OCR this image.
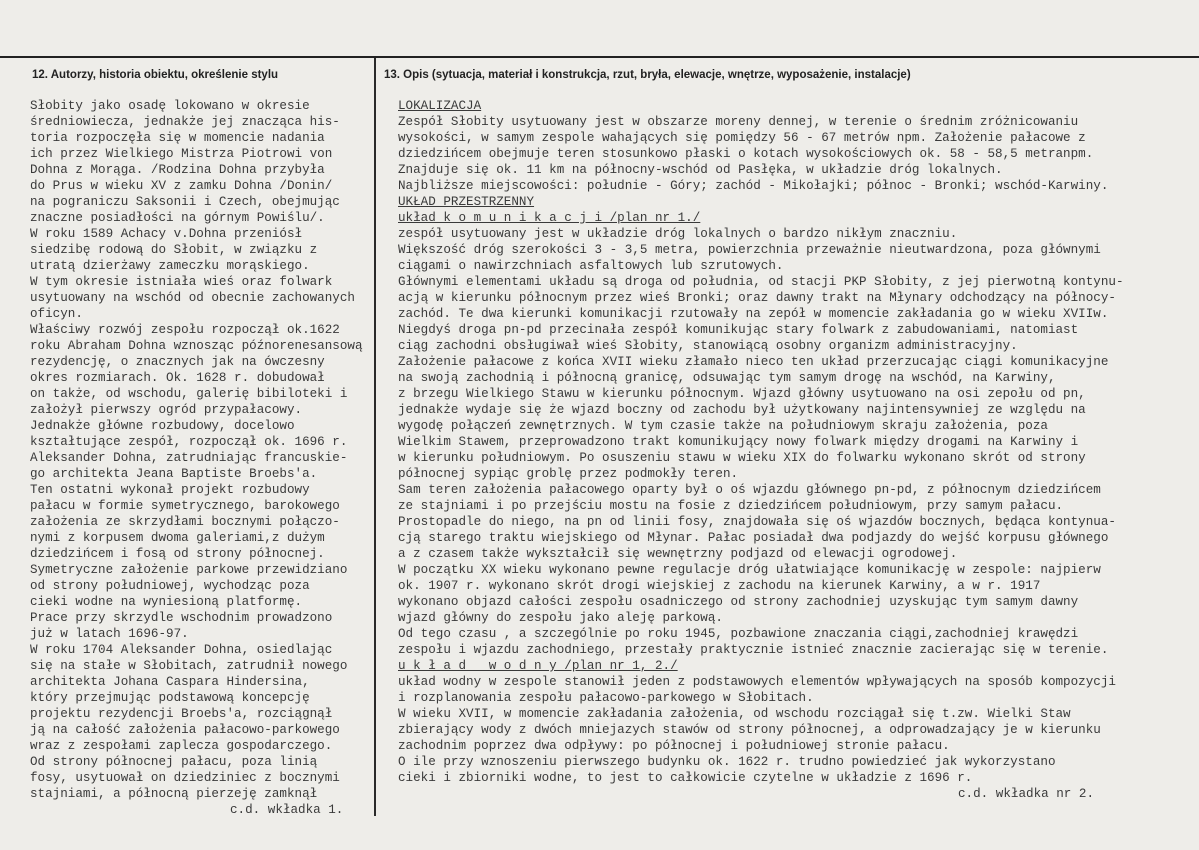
12. Autorzy, historia obiektu, określenie stylu	13. Opis (sytuacja, materiał i konstrukcja, rzut, bryła, elewacje, wnętrze, wyposażenie, instalacje)
Słobity jako osadę lokowano w okresie
średniowiecza, jednakże jej znacząca his-
toria rozpoczęła się w momencie nadania
ich przez Wielkiego Mistrza Piotrowi von
Dohna z Morąga. /Rodzina Dohna przybyła
do Prus w wieku XV z zamku Dohna /Donin/
na pograniczu Saksonii i Czech, obejmując
znaczne posiadłości na górnym Powiślu/.
W roku 1589 Achacy v.Dohna przeniósł
siedzibę rodową do Słobit, w związku z
utratą dzierżawy zameczku morąskiego.
W tym okresie istniała wieś oraz folwark
usytuowany na wschód od obecnie zachowanych
oficyn.
Właściwy rozwój zespołu rozpoczął ok.1622
roku Abraham Dohna wznosząc późnorenesansową
rezydencję, o znacznych jak na ówczesny
okres rozmiarach. Ok. 1628 r. dobudował
on także, od wschodu, galerię bibiloteki i
założył pierwszy ogród przypałacowy.
Jednakże główne rozbudowy, docelowo
kształtujące zespół, rozpoczął ok. 1696 r.
Aleksander Dohna, zatrudniając francuskie-
go architekta Jeana Baptiste Broebs'a.
Ten ostatni wykonał projekt rozbudowy
pałacu w formie symetrycznego, barokowego
założenia ze skrzydłami bocznymi połączo-
nymi z korpusem dwoma galeriami,z dużym
dziedzińcem i fosą od strony północnej.
Symetryczne założenie parkowe przewidziano
od strony południowej, wychodząc poza
cieki wodne na wyniesioną platformę.
Prace przy skrzydle wschodnim prowadzono
już w latach 1696-97.
W roku 1704 Aleksander Dohna, osiedlając
się na stałe w Słobitach, zatrudnił nowego
architekta Johana Caspara Hindersina,
który przejmując podstawową koncepcję
projektu rezydencji Broebs'a, rozciągnął
ją na całość założenia pałacowo-parkowego
wraz z zespołami zaplecza gospodarczego.
Od strony północnej pałacu, poza linią
fosy, usytuował on dziedziniec z bocznymi
stajniami, a północną pierzeję zamknął
c.d. wkładka 1.
LOKALIZACJA
Zespół Słobity usytuowany jest w obszarze moreny dennej, w terenie o średnim zróżnicowaniu
wysokości, w samym zespole wahających się pomiędzy 56 - 67 metrów npm. Założenie pałacowe z
dziedzińcem obejmuje teren stosunkowo płaski o kotach wysokościowych ok. 58 - 58,5 metranpm.
Znajduje się ok. 11 km na północny-wschód od Pasłęka, w układzie dróg lokalnych.
Najbliższe miejscowości: południe - Góry; zachód - Mikołajki; północ - Bronki; wschód-Karwiny.
UKŁAD PRZESTRZENNY
układ k o m u n i k a c j i /plan nr 1./
zespół usytuowany jest w układzie dróg lokalnych o bardzo nikłym znaczniu.
Większość dróg szerokości 3 - 3,5 metra, powierzchnia przeważnie nieutwardzona, poza głównymi
ciągami o nawirzchniach asfaltowych lub szrutowych.
Głównymi elementami układu są droga od południa, od stacji PKP Słobity, z jej pierwotną kontynu-
acją w kierunku północnym przez wieś Bronki; oraz dawny trakt na Młynary odchodzący na północy-
zachód. Te dwa kierunki komunikacji rzutowały na zepół w momencie zakładania go w wieku XVIIw.
Niegdyś droga pn-pd przecinała zespół komunikując stary folwark z zabudowaniami, natomiast
ciąg zachodni obsługiwał wieś Słobity, stanowiącą osobny organizm administracyjny.
Założenie pałacowe z końca XVII wieku złamało nieco ten układ przerzucając ciągi komunikacyjne
na swoją zachodnią i północną granicę, odsuwając tym samym drogę na wschód, na Karwiny,
z brzegu Wielkiego Stawu w kierunku północnym. Wjazd główny usytuowano na osi zepołu od pn,
jednakże wydaje się że wjazd boczny od zachodu był użytkowany najintensywniej ze względu na
wygodę połączeń zewnętrznych. W tym czasie także na południowym skraju założenia, poza
Wielkim Stawem, przeprowadzono trakt komunikujący nowy folwark między drogami na Karwiny i
w kierunku południowym. Po osuszeniu stawu w wieku XIX do folwarku wykonano skrót od strony
północnej sypiąc groblę przez podmokły teren.
Sam teren założenia pałacowego oparty był o oś wjazdu głównego pn-pd, z północnym dziedzińcem
ze stajniami i po przejściu mostu na fosie z dziedzińcem południowym, przy samym pałacu.
Prostopadle do niego, na pn od linii fosy, znajdowała się oś wjazdów bocznych, będąca kontynua-
cją starego traktu wiejskiego od Młynar. Pałac posiadał dwa podjazdy do wejść korpusu głównego
a z czasem także wykształcił się wewnętrzny podjazd od elewacji ogrodowej.
W początku XX wieku wykonano pewne regulacje dróg ułatwiające komunikację w zespole: najpierw
ok. 1907 r. wykonano skrót drogi wiejskiej z zachodu na kierunek Karwiny, a w r. 1917
wykonano objazd całości zespołu osadniczego od strony zachodniej uzyskując tym samym dawny
wjazd główny do zespołu jako aleję parkową.
Od tego czasu , a szczególnie po roku 1945, pozbawione znaczania ciągi,zachodniej krawędzi
zespołu i wjazdu zachodniego, przestały praktycznie istnieć znacznie zacierając się w terenie.
u k ł a d   w o d n y /plan nr 1, 2./
układ wodny w zespole stanowił jeden z podstawowych elementów wpływających na sposób kompozycji
i rozplanowania zespołu pałacowo-parkowego w Słobitach.
W wieku XVII, w momencie zakładania założenia, od wschodu rozciągał się t.zw. Wielki Staw
zbierający wody z dwóch mniejazych stawów od strony północnej, a odprowadzający je w kierunku
zachodnim poprzez dwa odpływy: po północnej i południowej stronie pałacu.
O ile przy wznoszeniu pierwszego budynku ok. 1622 r. trudno powiedzieć jak wykorzystano
cieki i zbiorniki wodne, to jest to całkowicie czytelne w układzie z 1696 r.
c.d. wkładka nr 2.
